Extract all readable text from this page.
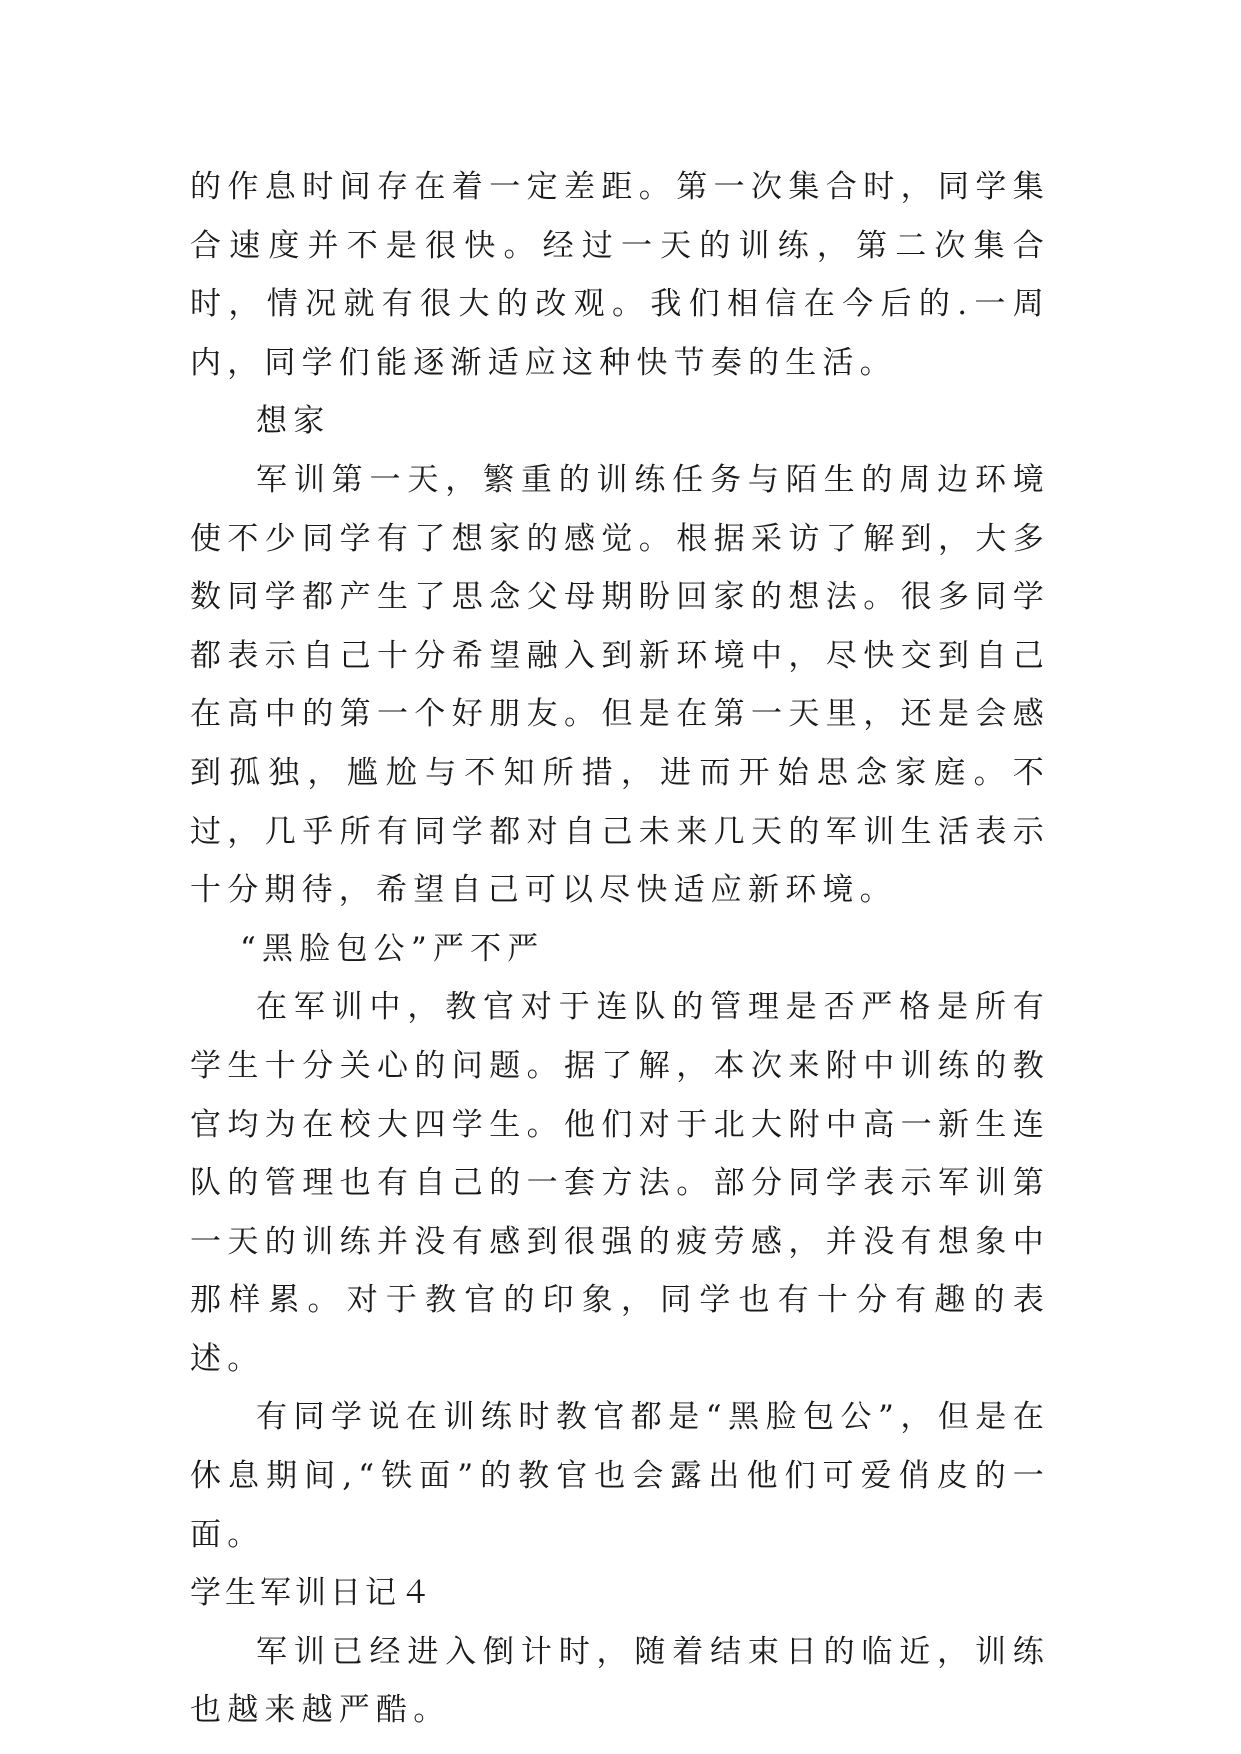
的作息时间存在着一定差距。第一次集合时，同学集合速度并不是很快。经过一天的训练，第二次集合时，情况就有很大的改观。我们相信在今后的.一周内，同学们能逐渐适应这种快节奏的生活。

想家

军训第一天，繁重的训练任务与陌生的周边环境使不少同学有了想家的感觉。根据采访了解到，大多数同学都产生了思念父母期盼回家的想法。很多同学都表示自己十分希望融入到新环境中，尽快交到自己在高中的第一个好朋友。但是在第一天里，还是会感到孤独，尴尬与不知所措，进而开始思念家庭。不过，几乎所有同学都对自己未来几天的军训生活表示十分期待，希望自己可以尽快适应新环境。

“黑脸包公”严不严

在军训中，教官对于连队的管理是否严格是所有学生十分关心的问题。据了解，本次来附中训练的教官均为在校大四学生。他们对于北大附中高一新生连队的管理也有自己的一套方法。部分同学表示军训第一天的训练并没有感到很强的疲劳感，并没有想象中那样累。对于教官的印象，同学也有十分有趣的表述。

有同学说在训练时教官都是“黑脸包公”，但是在休息期间,“铁面”的教官也会露出他们可爱俏皮的一面。

学生军训日记４

军训已经进入倒计时，随着结束日的临近，训练也越来越严酷。
